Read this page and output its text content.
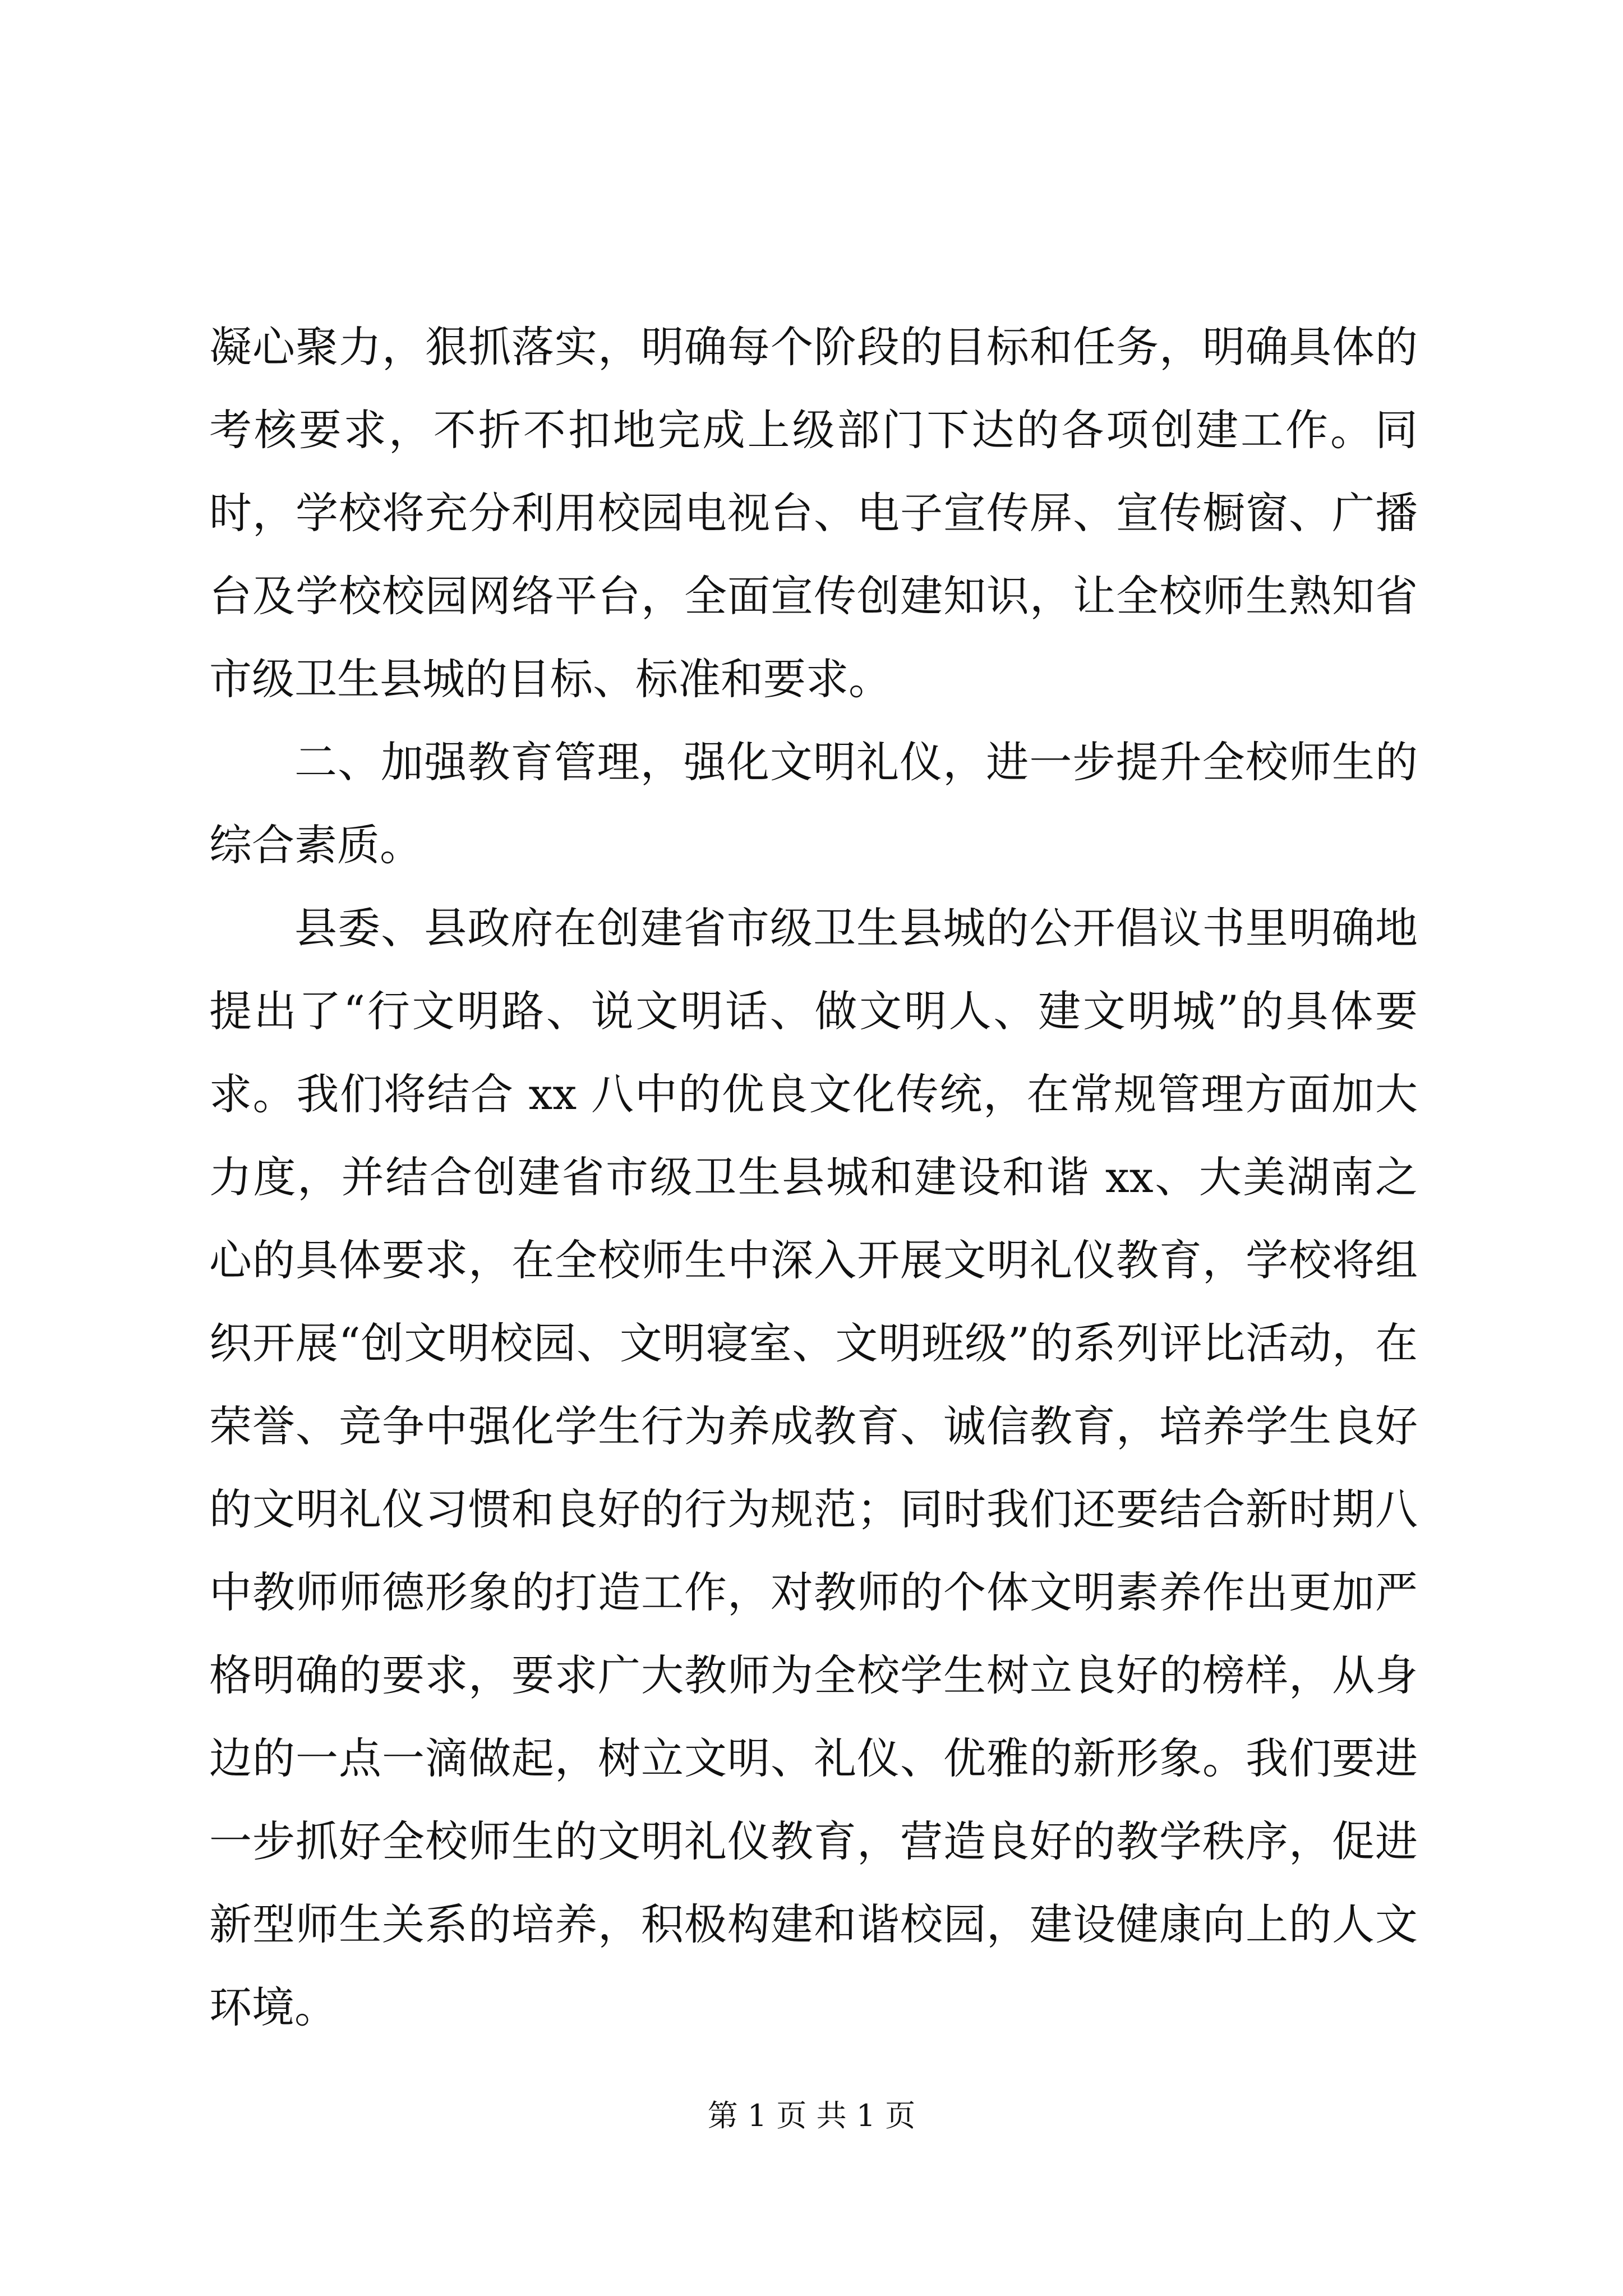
凝心聚力，狠抓落实，明确每个阶段的目标和任务，明确具体的考核要求，不折不扣地完成上级部门下达的各项创建工作。同时，学校将充分利用校园电视台、电子宣传屏、宣传橱窗、广播台及学校校园网络平台，全面宣传创建知识，让全校师生熟知省市级卫生县城的目标、标准和要求。

二、加强教育管理，强化文明礼仪，进一步提升全校师生的综合素质。

县委、县政府在创建省市级卫生县城的公开倡议书里明确地提出了“行文明路、说文明话、做文明人、建文明城”的具体要求。我们将结合 xx 八中的优良文化传统，在常规管理方面加大力度，并结合创建省市级卫生县城和建设和谐 xx、大美湖南之心的具体要求，在全校师生中深入开展文明礼仪教育，学校将组织开展“创文明校园、文明寝室、文明班级”的系列评比活动，在荣誉、竞争中强化学生行为养成教育、诚信教育，培养学生良好的文明礼仪习惯和良好的行为规范；同时我们还要结合新时期八中教师师德形象的打造工作，对教师的个体文明素养作出更加严格明确的要求，要求广大教师为全校学生树立良好的榜样，从身边的一点一滴做起，树立文明、礼仪、优雅的新形象。我们要进一步抓好全校师生的文明礼仪教育，营造良好的教学秩序，促进新型师生关系的培养，积极构建和谐校园，建设健康向上的人文环境。

第 1 页 共 1 页
